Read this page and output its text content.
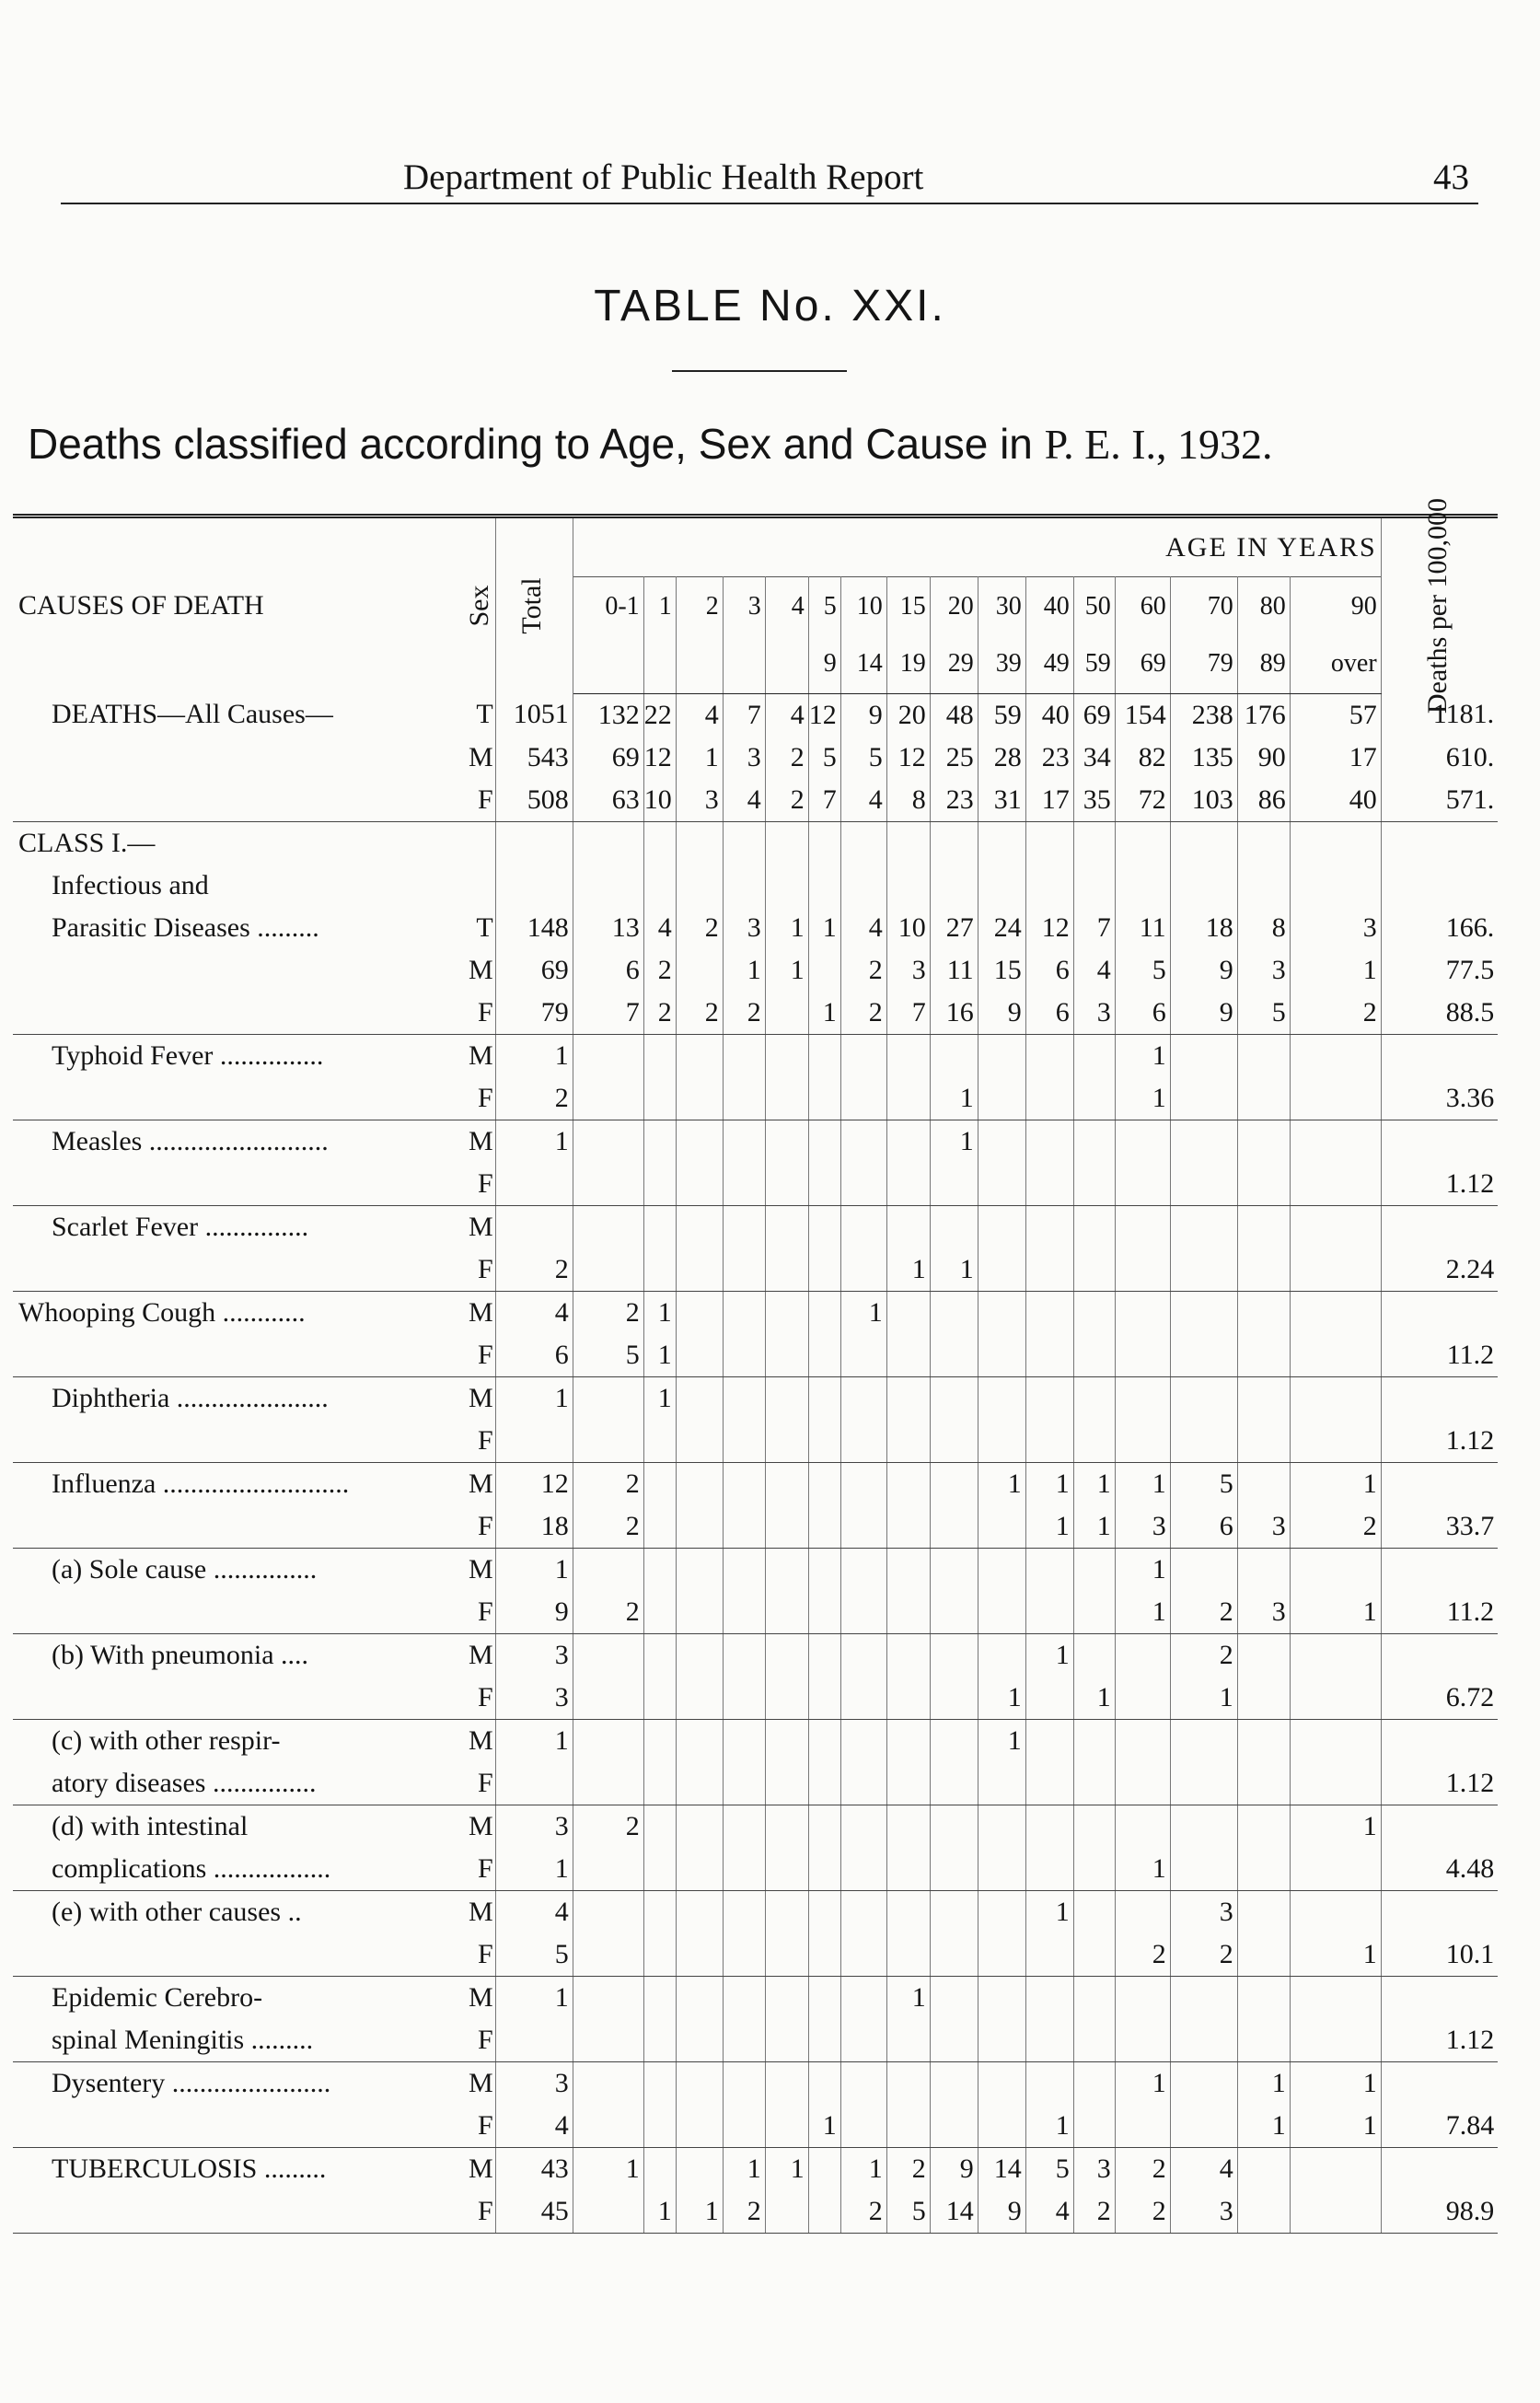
Department of Public Health Report	43
TABLE No. XXI.
Deaths classified according to Age, Sex and Cause in P. E. I., 1932.
CAUSES OF DEATH	Sex	Total	AGE IN YEARS																Deaths per 100,000

			0-1	1	2	3	4	5	10	15	20	30	40	50	60	70	80	90	
								9	14	19	29	39	49	59	69	79	89	over	
DEATHS—All Causes—	T	1051	132	22	4	7	4	12	9	20	48	59	40	69	154	238	176	57	1181.
	M	543	69	12	1	3	2	5	5	12	25	28	23	34	82	135	90	17	610.
	F	508	63	10	3	4	2	7	4	8	23	31	17	35	72	103	86	40	571.
CLASS I.—																			
Infectious and																			
Parasitic Diseases .........	T	148	13	4	2	3	1	1	4	10	27	24	12	7	11	18	8	3	166.
	M	69	6	2		1	1		2	3	11	15	6	4	5	9	3	1	77.5
	F	79	7	2	2	2		1	2	7	16	9	6	3	6	9	5	2	88.5
Typhoid Fever ...............	M	1													1				
	F	2									1				1				3.36
Measles ..........................	M	1									1								
	F																		1.12
Scarlet Fever ...............	M																		
	F	2								1	1								2.24
Whooping Cough ............	M	4	2	1					1										
	F	6	5	1															11.2
Diphtheria ......................	M	1		1															
	F																		1.12
Influenza ...........................	M	12	2									1	1	1	1	5		1	
	F	18	2										1	1	3	6	3	2	33.7
(a) Sole cause ...............	M	1													1				
	F	9	2												1	2	3	1	11.2
(b) With pneumonia ....	M	3											1			2			
	F	3										1		1		1			6.72
(c) with other respir-	M	1										1							
atory diseases ...............	F																		1.12
(d) with intestinal	M	3	2															1	
complications .................	F	1													1				4.48
(e) with other causes ..	M	4											1			3			
	F	5													2	2		1	10.1
Epidemic Cerebro-	M	1								1									
spinal Meningitis .........	F																		1.12
Dysentery .......................	M	3													1		1	1	
	F	4						1					1				1	1	7.84
TUBERCULOSIS .........	M	43	1			1	1		1	2	9	14	5	3	2	4			
	F	45		1	1	2			2	5	14	9	4	2	2	3			98.9
